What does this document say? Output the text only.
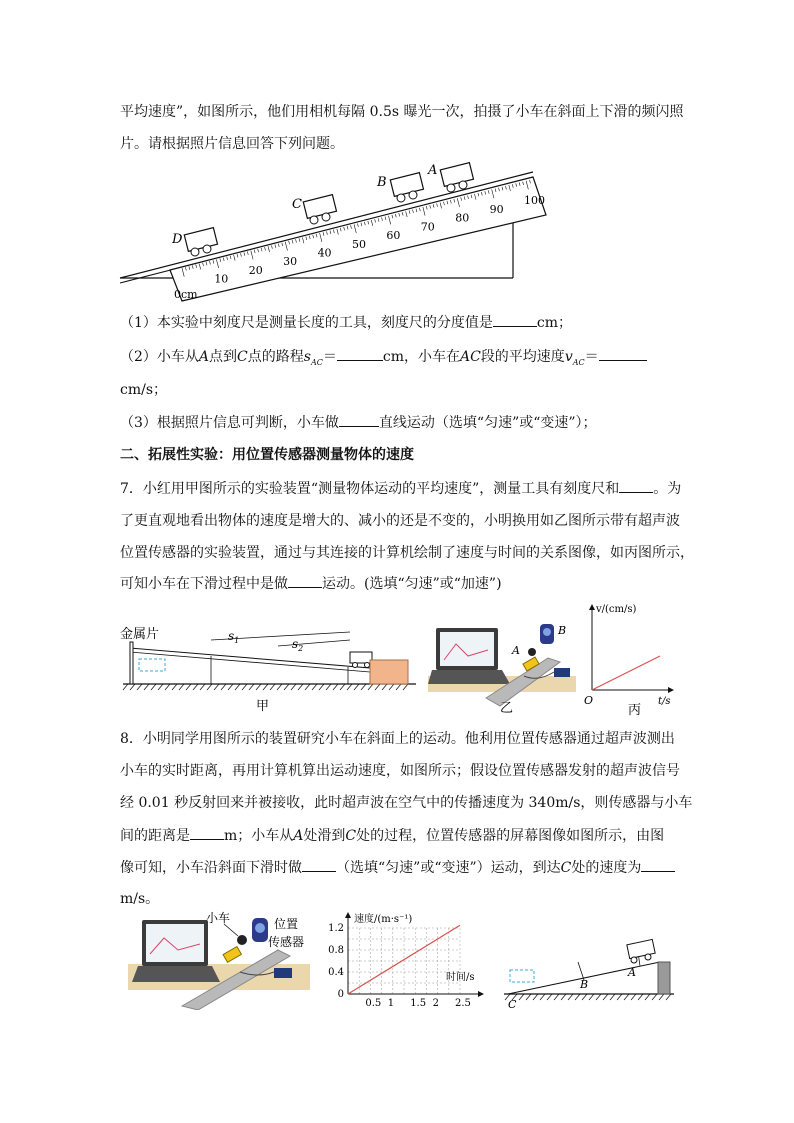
平均速度”，如图所示，他们用相机每隔 0.5s 曝光一次，拍摄了小车在斜面上下滑的频闪照
片。请根据照片信息回答下列问题。
0cm
10
20
30
40
50
60
70
80
90
100
D
C
B
A
（1）本实验中刻度尺是测量长度的工具，刻度尺的分度值是	cm；
（2）小车从A点到C点的路程$s_{AC}=$	cm，小车在AC段的平均速度$v_{AC}=$
cm/s；
（3）根据照片信息可判断，小车做	直线运动（选填“匀速”或“变速”）；
二、拓展性实验：用位置传感器测量物体的速度
7．小红用甲图所示的实验装置“测量物体运动的平均速度”，测量工具有刻度尺和 。为
了更直观地看出物体的速度是增大的、减小的还是不变的，小明换用如乙图所示带有超声波
位置传感器的实验装置，通过与其连接的计算机绘制了速度与时间的关系图像，如丙图所示，
可知小车在下滑过程中是做 运动。(选填“匀速”或“加速”)
金属片	$s_1$	$s_2$
甲
A
B
乙
v/(cm/s)
t/s
O
丙
8．小明同学用图所示的装置研究小车在斜面上的运动。他利用位置传感器通过超声波测出
小车的实时距离，再用计算机算出运动速度，如图所示；假设位置传感器发射的超声波信号
经 0.01 秒反射回来并被接收，此时超声波在空气中的传播速度为 340m/s，则传感器与小车
间的距离是 m；小车从A处滑到C处的过程，位置传感器的屏幕图像如图所示，由图
像可知，小车沿斜面下滑时做 （选填“匀速”或“变速”）运动，到达C处的速度为
m/s。
小车	位置
传感器
0.5 1 1.5 2 2.5
0
0.4
0.8
1.2
速度/(m·s⁻¹)
时间/s	A
B
C
